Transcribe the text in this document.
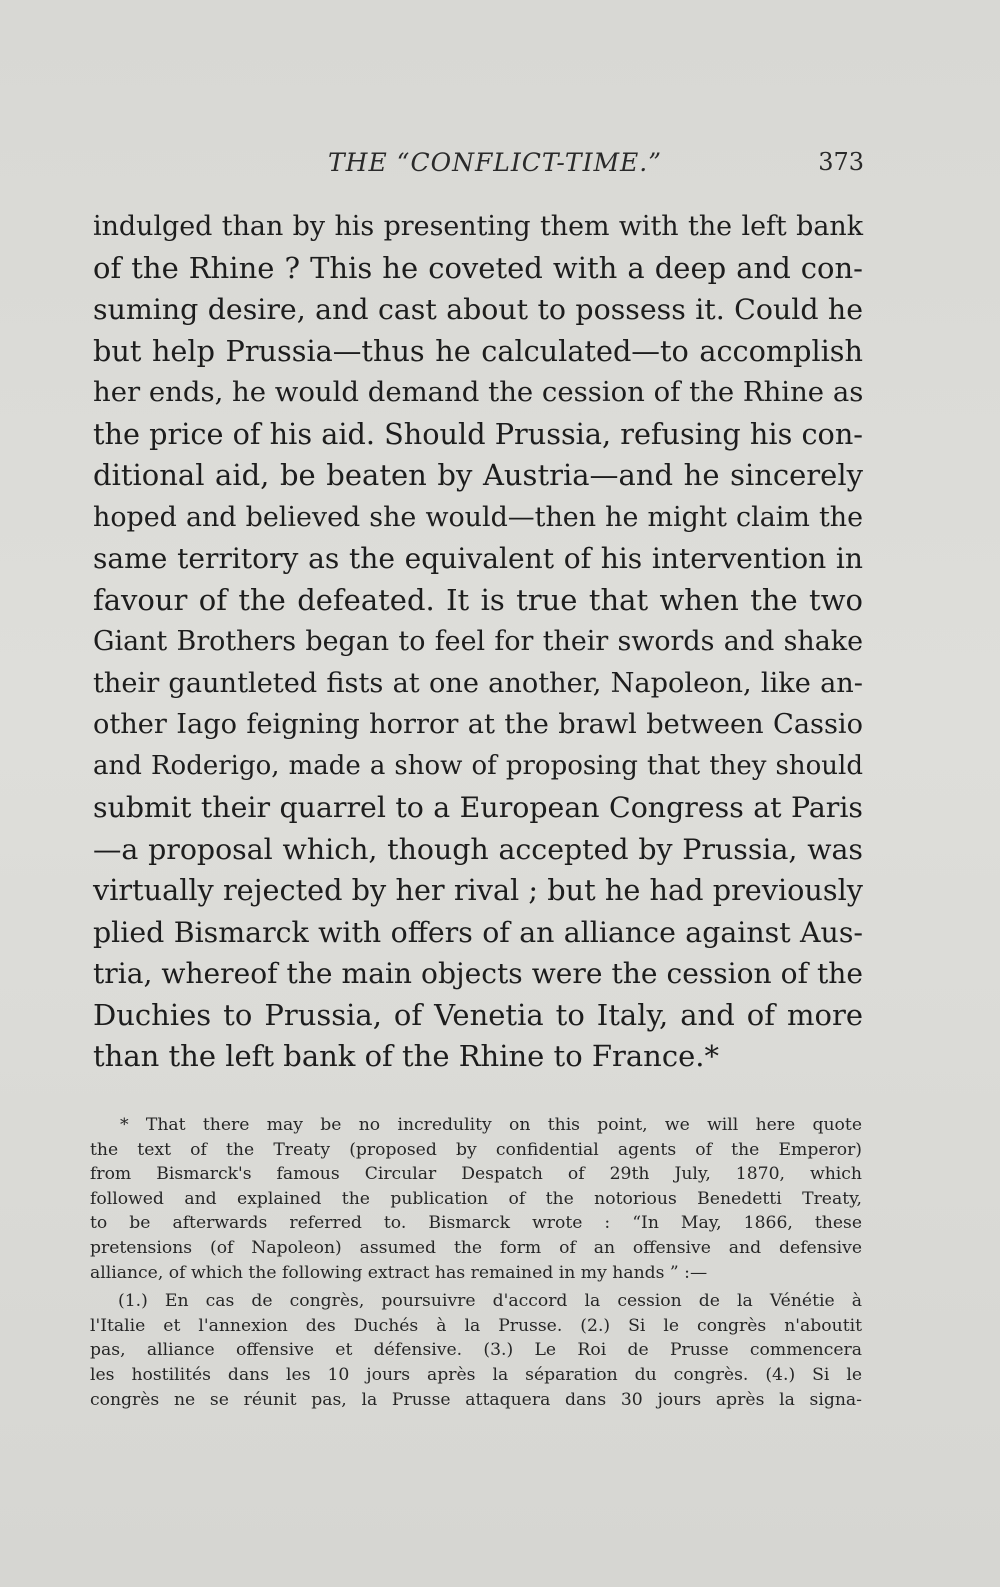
THE “CONFLICT-TIME.”	373
indulged than by his presenting them with the left bank
of the Rhine ? This he coveted with a deep and con-
suming desire, and cast about to possess it. Could he
but help Prussia—thus he calculated—to accomplish
her ends, he would demand the cession of the Rhine as
the price of his aid. Should Prussia, refusing his con-
ditional aid, be beaten by Austria—and he sincerely
hoped and believed she would—then he might claim the
same territory as the equivalent of his intervention in
favour of the defeated. It is true that when the two
Giant Brothers began to feel for their swords and shake
their gauntleted fists at one another, Napoleon, like an-
other Iago feigning horror at the brawl between Cassio
and Roderigo, made a show of proposing that they should
submit their quarrel to a European Congress at Paris
—a proposal which, though accepted by Prussia, was
virtually rejected by her rival ; but he had previously
plied Bismarck with offers of an alliance against Aus-
tria, whereof the main objects were the cession of the
Duchies to Prussia, of Venetia to Italy, and of more
than the left bank of the Rhine to France.*
* That there may be no incredulity on this point, we will here quote
the text of the Treaty (proposed by confidential agents of the Emperor)
from Bismarck's famous Circular Despatch of 29th July, 1870, which
followed and explained the publication of the notorious Benedetti Treaty,
to be afterwards referred to. Bismarck wrote : “In May, 1866, these
pretensions (of Napoleon) assumed the form of an offensive and defensive
alliance, of which the following extract has remained in my hands ” :—
(1.) En cas de congrès, poursuivre d'accord la cession de la Vénétie à
l'Italie et l'annexion des Duchés à la Prusse. (2.) Si le congrès n'aboutit
pas, alliance offensive et défensive. (3.) Le Roi de Prusse commencera
les hostilités dans les 10 jours après la séparation du congrès. (4.) Si le
congrès ne se réunit pas, la Prusse attaquera dans 30 jours après la signa-
